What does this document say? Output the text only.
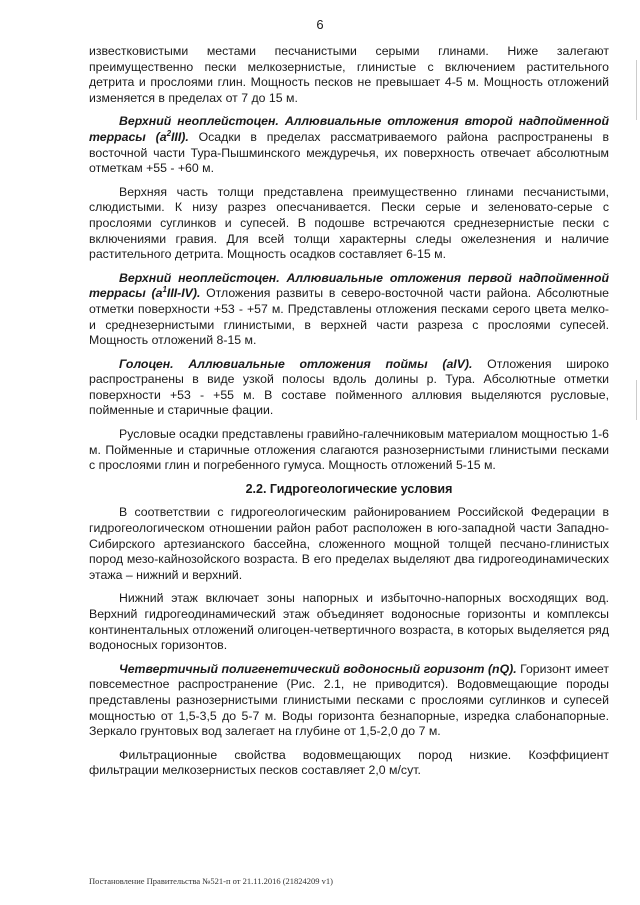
6

известковистыми местами песчанистыми серыми глинами. Ниже залегают преимущественно пески мелкозернистые, глинистые с включением растительного детрита и прослоями глин. Мощность песков не превышает 4-5 м. Мощность отложений изменяется в пределах от 7 до 15 м.

Верхний неоплейстоцен. Аллювиальные отложения второй надпойменной террасы $(a^2III)$. Осадки в пределах рассматриваемого района распространены в восточной части Тура-Пышминского междуречья, их поверхность отвечает абсолютным отметкам +55 - +60 м.

Верхняя часть толщи представлена преимущественно глинами песчанистыми, слюдистыми. К низу разрез опесчанивается. Пески серые и зеленовато-серые с прослоями суглинков и супесей. В подошве встречаются среднезернистые пески с включениями гравия. Для всей толщи характерны следы ожелезнения и наличие растительного детрита. Мощность осадков составляет 6-15 м.

Верхний неоплейстоцен. Аллювиальные отложения первой надпойменной террасы $(a^1III-IV)$. Отложения развиты в северо-восточной части района. Абсолютные отметки поверхности +53 - +57 м. Представлены отложения песками серого цвета мелко- и среднезернистыми глинистыми, в верхней части разреза с прослоями супесей. Мощность отложений 8-15 м.

Голоцен. Аллювиальные отложения поймы (aIV). Отложения широко распространены в виде узкой полосы вдоль долины р. Тура. Абсолютные отметки поверхности +53 - +55 м. В составе пойменного аллювия выделяются русловые, пойменные и старичные фации.

Русловые осадки представлены гравийно-галечниковым материалом мощностью 1-6 м. Пойменные и старичные отложения слагаются разнозернистыми глинистыми песками с прослоями глин и погребенного гумуса. Мощность отложений 5-15 м.

2.2. Гидрогеологические условия

В соответствии с гидрогеологическим районированием Российской Федерации в гидрогеологическом отношении район работ расположен в юго-западной части Западно-Сибирского артезианского бассейна, сложенного мощной толщей песчано-глинистых пород мезо-кайнозойского возраста. В его пределах выделяют два гидрогеодинамических этажа – нижний и верхний.

Нижний этаж включает зоны напорных и избыточно-напорных восходящих вод. Верхний гидрогеодинамический этаж объединяет водоносные горизонты и комплексы континентальных отложений олигоцен-четвертичного возраста, в которых выделяется ряд водоносных горизонтов.

Четвертичный полигенетический водоносный горизонт (nQ). Горизонт имеет повсеместное распространение (Рис. 2.1, не приводится). Водовмещающие породы представлены разнозернистыми глинистыми песками с прослоями суглинков и супесей мощностью от 1,5-3,5 до 5-7 м. Воды горизонта безнапорные, изредка слабонапорные. Зеркало грунтовых вод залегает на глубине от 1,5-2,0 до 7 м.

Фильтрационные свойства водовмещающих пород низкие. Коэффициент фильтрации мелкозернистых песков составляет 2,0 м/сут.

Постановление Правительства №521-п от 21.11.2016 (21824209 v1)
